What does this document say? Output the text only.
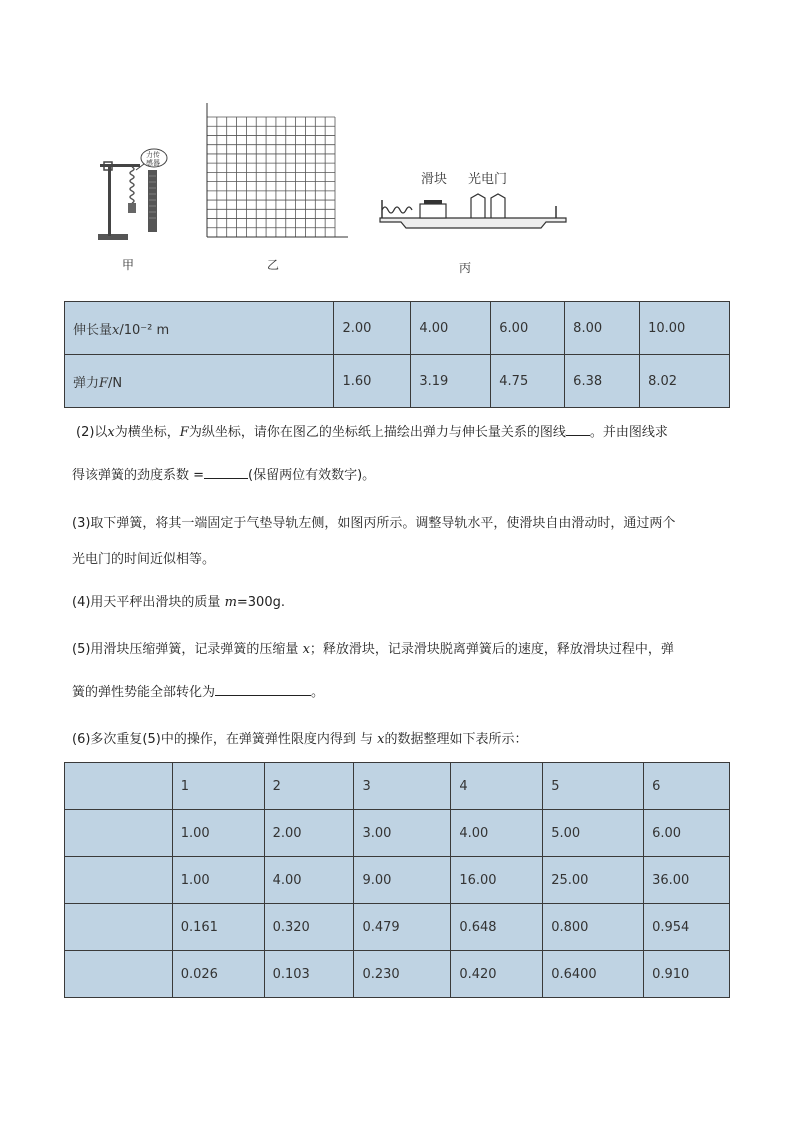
力传
感器
甲	乙
滑块 光电门
丙
伸长量x/10⁻² m	2.00	4.00	6.00	8.00	10.00
弹力F/N	1.60	3.19	4.75	6.38	8.02
(2)以x为横坐标，F为纵坐标，请你在图乙的坐标纸上描绘出弹力与伸长量关系的图线 。并由图线求
得该弹簧的劲度系数 =	(保留两位有效数字)。
(3)取下弹簧，将其一端固定于气垫导轨左侧，如图丙所示。调整导轨水平，使滑块自由滑动时，通过两个
光电门的时间近似相等。
(4)用天平秤出滑块的质量 m=300g.
(5)用滑块压缩弹簧，记录弹簧的压缩量 x；释放滑块，记录滑块脱离弹簧后的速度，释放滑块过程中，弹
簧的弹性势能全部转化为	。
(6)多次重复(5)中的操作，在弹簧弹性限度内得到 与 x的数据整理如下表所示：
	1	2	3	4	5	6
	1.00	2.00	3.00	4.00	5.00	6.00
	1.00	4.00	9.00	16.00	25.00	36.00
	0.161	0.320	0.479	0.648	0.800	0.954
	0.026	0.103	0.230	0.420	0.6400	0.910
